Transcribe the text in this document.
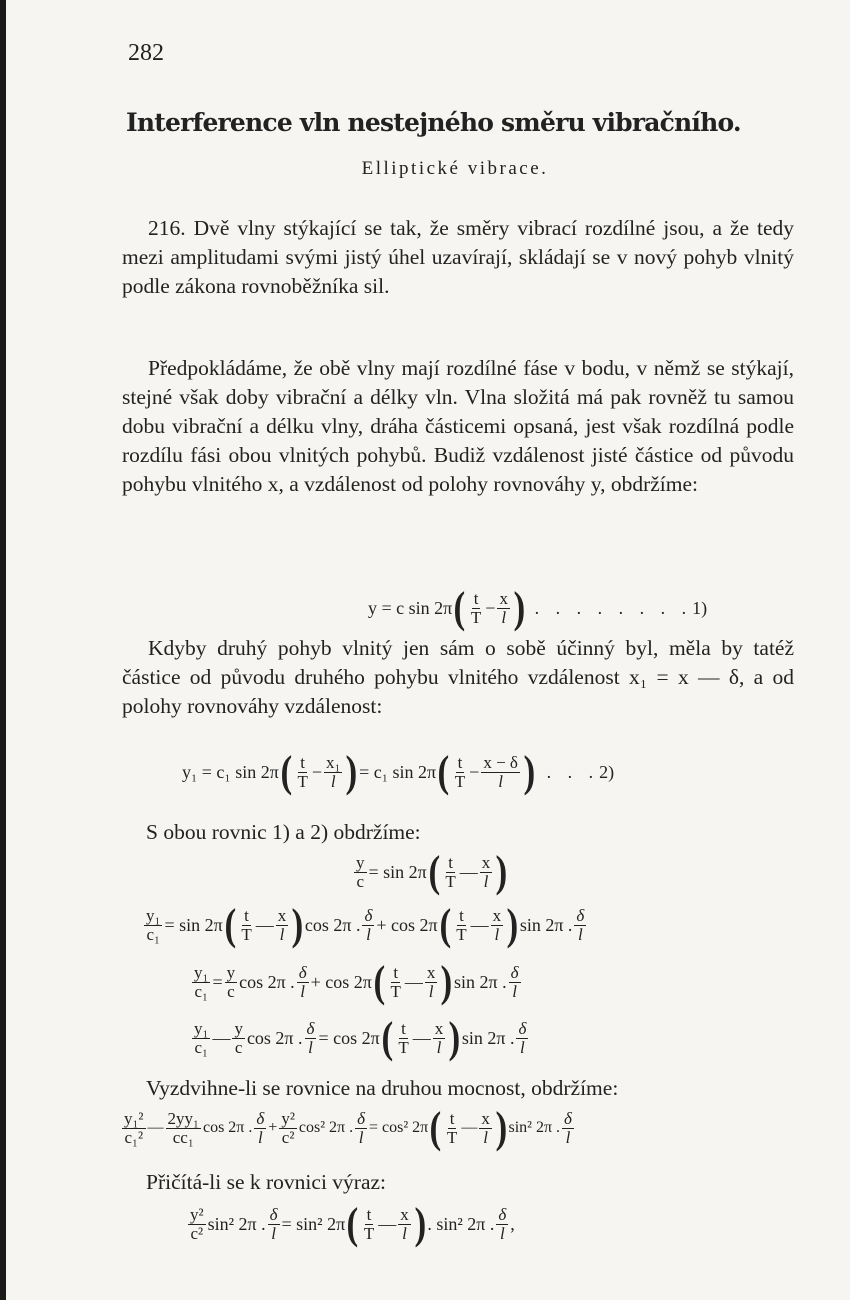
282
Interference vln nestejného směru vibračního.
Elliptické vibrace.
216. Dvě vlny stýkající se tak, že směry vibrací rozdílné jsou, a že tedy mezi amplitudami svými jistý úhel uzavírají, skládají se v nový pohyb vlnitý podle zákona rovnoběžníka sil.
Předpokládáme, že obě vlny mají rozdílné fáse v bodu, v němž se stýkají, stejné však doby vibrační a délky vln. Vlna složitá má pak rovněž tu samou dobu vibrační a délku vlny, dráha částicemi opsaná, jest však rozdílná podle rozdílu fási obou vlnitých pohybů. Budiž vzdálenost jisté částice od původu pohybu vlnitého x, a vzdálenost od polohy rovnováhy y, obdržíme:
y = c sin 2π ( $\frac{t}{T} - \frac{x}{l}$ ) . . . . . . . . 1)
Kdyby druhý pohyb vlnitý jen sám o sobě účinný byl, měla by tatéž částice od původu druhého pohybu vlnitého vzdálenost x₁ = x — δ, a od polohy rovnováhy vzdálenost:
y₁ = c₁ sin 2π ( $\frac{t}{T} - \frac{\text{x₁}}{l}$ ) = c₁ sin 2π ( $\frac{t}{T} - \frac{x - \delta}{l}$ ) . . . 2)
S obou rovnic 1) a 2) obdržíme:
$\frac{y}{c} = \sin 2\pi$ ( $\frac{t}{T}$ — $\frac{x}{l}$ )
$\frac{\text{y₁}}{\text{c₁}} = \sin 2\pi$ ( $\frac{t}{T}$ — $\frac{x}{l}$ ) cos 2π . $\frac{\delta}{l} + \cos 2\pi$ ( $\frac{t}{T}$ — $\frac{x}{l}$ ) sin 2π . $\frac{\delta}{l}$
$\frac{\text{y₁}}{\text{c₁}} = \frac{y}{c}$ cos 2π . $\frac{\delta}{l} + \cos 2\pi$ ( $\frac{t}{T}$ — $\frac{x}{l}$ ) sin 2π . $\frac{\delta}{l}$
$\frac{\text{y₁}}{\text{c₁}}$ — $\frac{y}{c}$ cos 2π . $\frac{\delta}{l} = \cos 2\pi$ ( $\frac{t}{T}$ — $\frac{x}{l}$ ) sin 2π . $\frac{\delta}{l}$
Vyzdvihne-li se rovnice na druhou mocnost, obdržíme:
$\frac{\text{y₁²}}{\text{c₁²}}$ — $\frac{\text{2yy₁}}{\text{cc₁}}$ cos 2π . $\frac{\delta}{l} + \frac{\text{y²}}{\text{c²}} \cos^2$ 2π . $\frac{\delta}{l} = \cos^2$ 2π ( $\frac{t}{T}$ — $\frac{x}{l}$ ) sin² 2π . $\frac{\delta}{l}$
Přičítá-li se k rovnici výraz:
$\frac{\text{y²}}{\text{c²}} \sin^2$ 2π . $\frac{\delta}{l} = \sin^2$ 2π ( $\frac{t}{T}$ — $\frac{x}{l}$ ) . sin² 2π . $\frac{\delta}{l}$ ,
